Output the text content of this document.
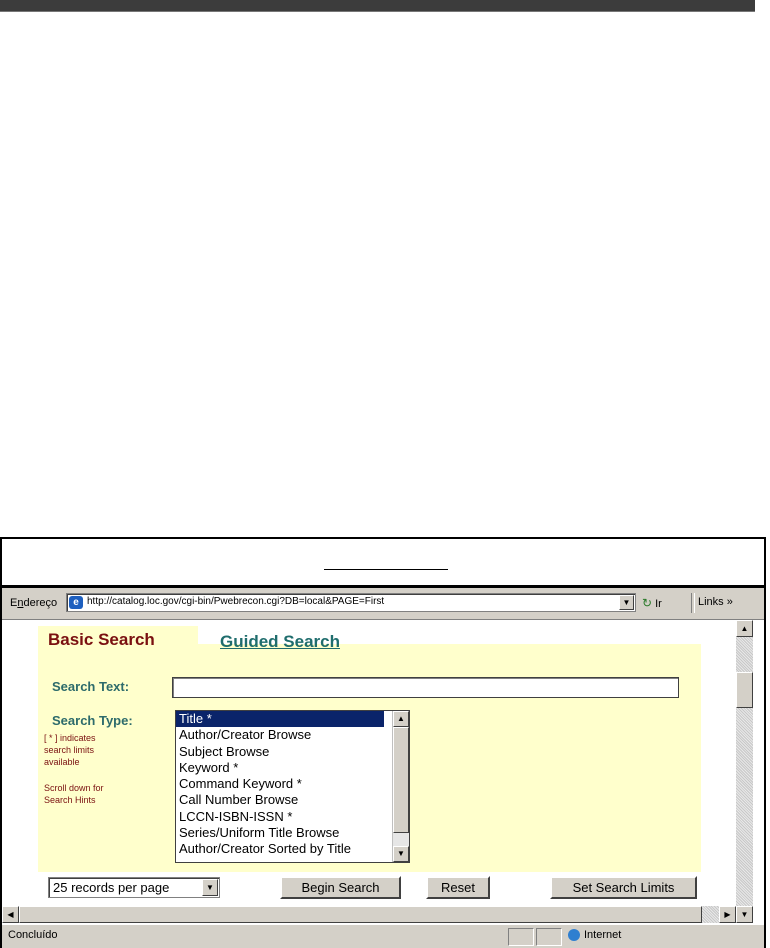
Endereço	e http://catalog.loc.gov/cgi-bin/Pwebrecon.cgi?DB=local&PAGE=First	▼ ↻ Ir	Links »
Basic Search	Guided Search
Search Text:
Search Type:
[ * ] indicates
search limits
available
Scroll down for
Search Hints
Title *
Author/Creator Browse
Subject Browse
Keyword *
Command Keyword *
Call Number Browse
LCCN-ISBN-ISSN *
Series/Uniform Title Browse
Author/Creator Sorted by Title
▲
▼
25 records per page	▼	Begin Search	Reset	Set Search Limits
▲
▼
◀	▶
Concluído	Internet
